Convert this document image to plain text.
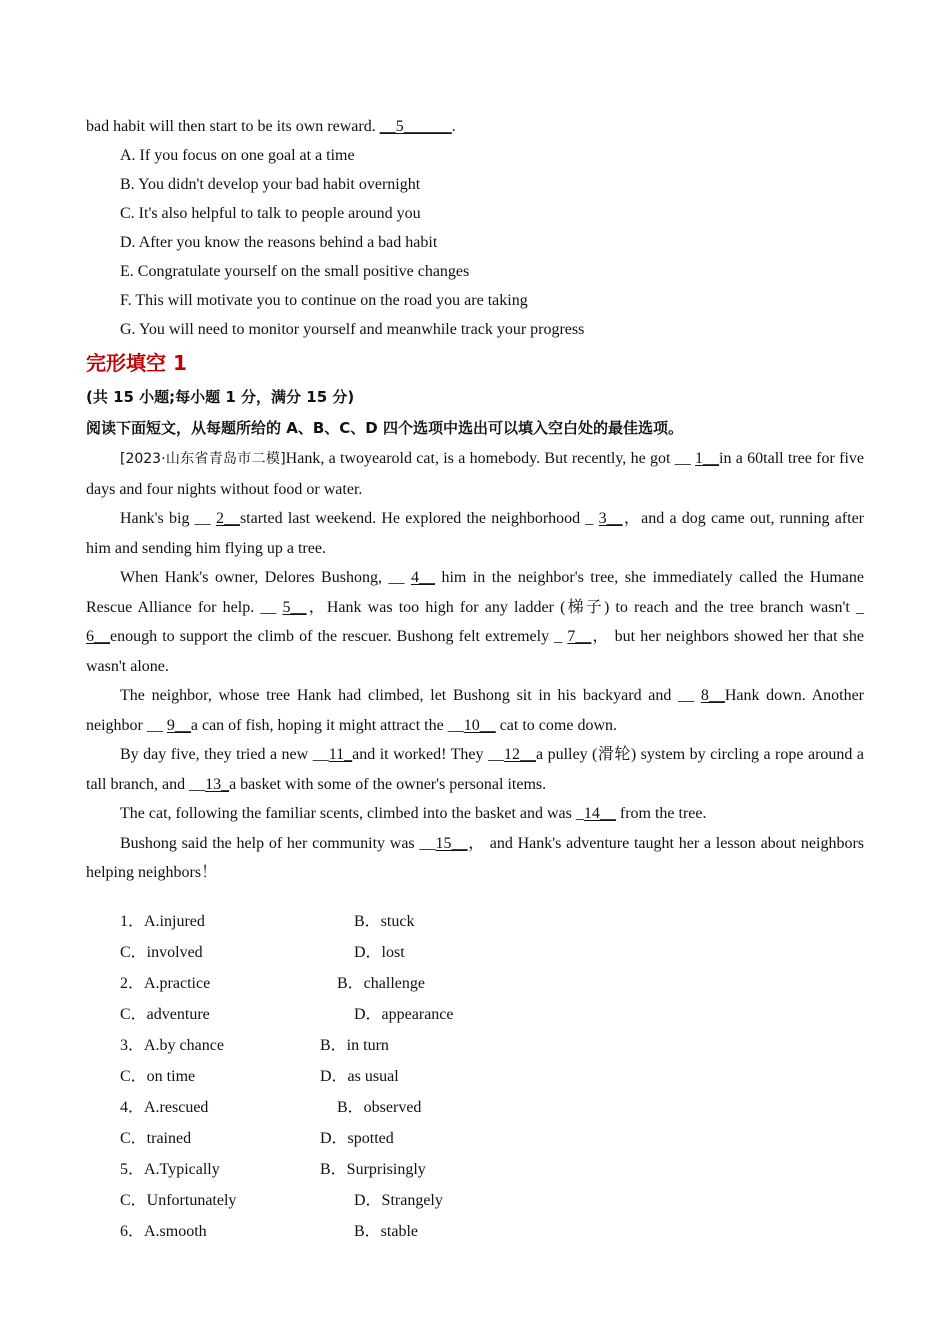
bad habit will then start to be its own reward. __5______.
A. If you focus on one goal at a time
B. You didn't develop your bad habit overnight
C. It's also helpful to talk to people around you
D. After you know the reasons behind a bad habit
E. Congratulate yourself on the small positive changes
F. This will motivate you to continue on the road you are taking
G. You will need to monitor yourself and meanwhile track your progress
完形填空 1
(共 15 小题;每小题 1 分，满分 15 分)
阅读下面短文，从每题所给的 A、B、C、D 四个选项中选出可以填入空白处的最佳选项。

[2023·山东省青岛市二模]Hank, a twoyearold cat, is a homebody. But recently, he got __ 1__in a 60tall tree for five days and four nights without food or water.

Hank's big __ 2__started last weekend. He explored the neighborhood _ 3__，and a dog came out, running after him and sending him flying up a tree.

When Hank's owner, Delores Bushong, __ 4__ him in the neighbor's tree, she immediately called the Humane Rescue Alliance for help. __ 5__，Hank was too high for any ladder (梯子) to reach and the tree branch wasn't _ 6__enough to support the climb of the rescuer. Bushong felt extremely _ 7__， but her neighbors showed her that she wasn't alone.

The neighbor, whose tree Hank had climbed, let Bushong sit in his backyard and __ 8__Hank down. Another neighbor __ 9__a can of fish, hoping it might attract the __10__ cat to come down.

By day five, they tried a new __11_and it worked! They __12__a pulley (滑轮) system by circling a rope around a tall branch, and __13_a basket with some of the owner's personal items.

The cat, following the familiar scents, climbed into the basket and was _14__ from the tree.

Bushong said the help of her community was __15__， and Hank's adventure taught her a lesson about neighbors helping neighbors！

1．A.injured	B．stuck
C．involved	D．lost
2．A.practice	B．challenge
C．adventure	D．appearance
3．A.by chance	B．in turn
C．on time	D．as usual
4．A.rescued	B．observed
C．trained	D．spotted
5．A.Typically	B．Surprisingly
C．Unfortunately	D．Strangely
6．A.smooth	B．stable
